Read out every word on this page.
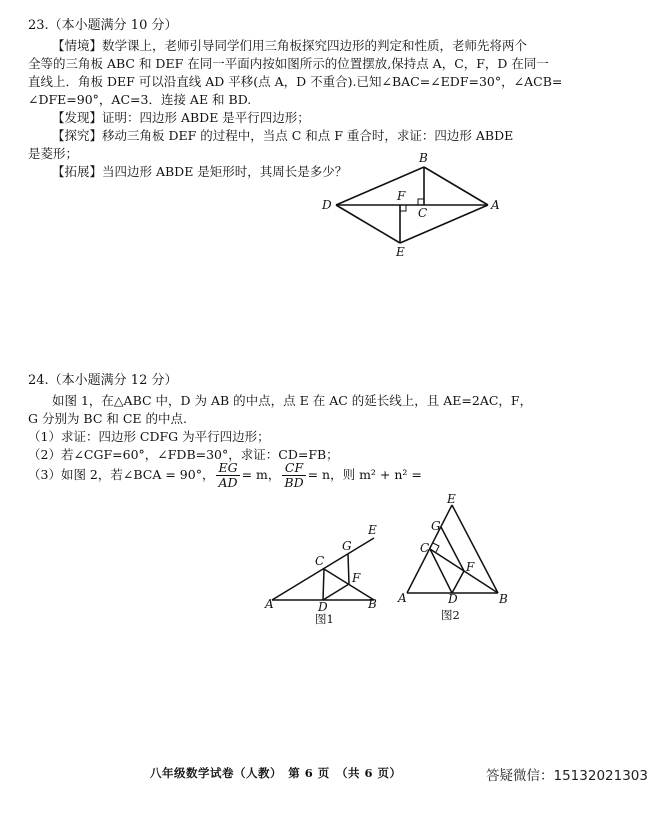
23.（本小题满分 10 分）
【情境】数学课上，老师引导同学们用三角板探究四边形的判定和性质，老师先将两个
全等的三角板 ABC 和 DEF 在同一平面内按如图所示的位置摆放,保持点 A，C，F，D 在同一
直线上．角板 DEF 可以沿直线 AD 平移(点 A，D 不重合).已知∠BAC=∠EDF=30°，∠ACB=
∠DFE=90°，AC=3．连接 AE 和 BD.
【发现】证明：四边形 ABDE 是平行四边形；
【探究】移动三角板 DEF 的过程中，当点 C 和点 F 重合时，求证：四边形 ABDE
是菱形；
【拓展】当四边形 ABDE 是矩形时，其周长是多少？
B
D
F
C
A
E
24.（本小题满分 12 分）
如图 1，在△ABC 中，D 为 AB 的中点，点 E 在 AC 的延长线上，且 AE=2AC，F，
G 分别为 BC 和 CE 的中点.
（1）求证：四边形 CDFG 为平行四边形；
（2）若∠CGF=60°，∠FDB=30°，求证：CD=FB；
（3）如图 2，若∠BCA = 90°， $\frac{EG}{AD} = m$， $\frac{CF}{BD} = n$，则 m² + n² =
E
G
C
F
A	D	B
图1
E
G
C
F
A	D	B
图2
八年级数学试卷（人教）　第 6 页　（共 6 页）	答疑微信：15132021303
